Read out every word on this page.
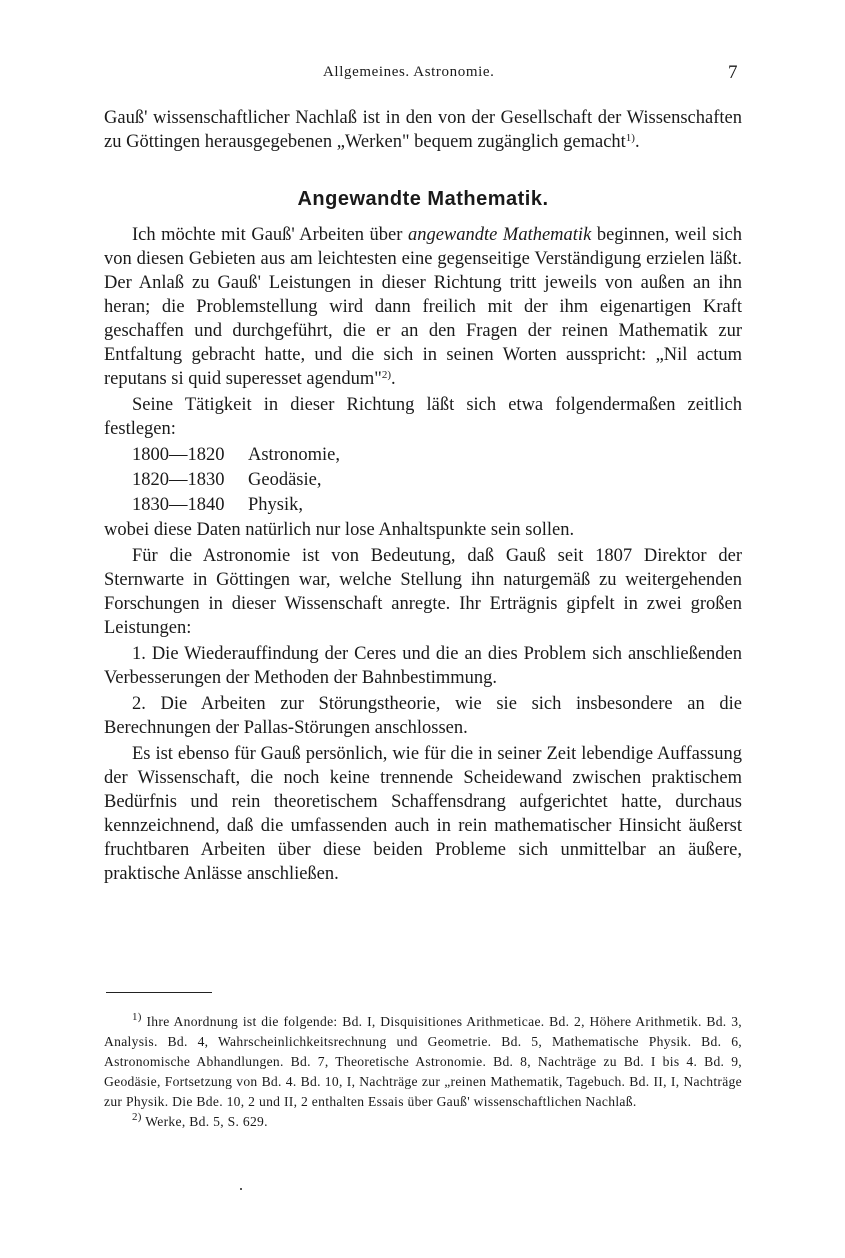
Allgemeines. Astronomie.	7

Gauß' wissenschaftlicher Nachlaß ist in den von der Gesellschaft der Wissenschaften zu Göttingen herausgegebenen „Werken" bequem zugänglich gemacht$^{1)}$.

Angewandte Mathematik.

Ich möchte mit Gauß' Arbeiten über angewandte Mathematik beginnen, weil sich von diesen Gebieten aus am leichtesten eine gegenseitige Verständigung erzielen läßt. Der Anlaß zu Gauß' Leistungen in dieser Richtung tritt jeweils von außen an ihn heran; die Problemstellung wird dann freilich mit der ihm eigenartigen Kraft geschaffen und durchgeführt, die er an den Fragen der reinen Mathematik zur Entfaltung gebracht hatte, und die sich in seinen Worten ausspricht: „Nil actum reputans si quid superesset agendum"$^{2)}$.

Seine Tätigkeit in dieser Richtung läßt sich etwa folgendermaßen zeitlich festlegen:

1800—1820 Astronomie,
1820—1830 Geodäsie,
1830—1840 Physik,

wobei diese Daten natürlich nur lose Anhaltspunkte sein sollen.

Für die Astronomie ist von Bedeutung, daß Gauß seit 1807 Direktor der Sternwarte in Göttingen war, welche Stellung ihn naturgemäß zu weitergehenden Forschungen in dieser Wissenschaft anregte. Ihr Erträgnis gipfelt in zwei großen Leistungen:

1. Die Wiederauffindung der Ceres und die an dies Problem sich anschließenden Verbesserungen der Methoden der Bahnbestimmung.

2. Die Arbeiten zur Störungstheorie, wie sie sich insbesondere an die Berechnungen der Pallas-Störungen anschlossen.

Es ist ebenso für Gauß persönlich, wie für die in seiner Zeit lebendige Auffassung der Wissenschaft, die noch keine trennende Scheidewand zwischen praktischem Bedürfnis und rein theoretischem Schaffensdrang aufgerichtet hatte, durchaus kennzeichnend, daß die umfassenden auch in rein mathematischer Hinsicht äußerst fruchtbaren Arbeiten über diese beiden Probleme sich unmittelbar an äußere, praktische Anlässe anschließen.

$^{1)}$ Ihre Anordnung ist die folgende: Bd. I, Disquisitiones Arithmeticae. Bd. 2, Höhere Arithmetik. Bd. 3, Analysis. Bd. 4, Wahrscheinlichkeitsrechnung und Geometrie. Bd. 5, Mathematische Physik. Bd. 6, Astronomische Abhandlungen. Bd. 7, Theoretische Astronomie. Bd. 8, Nachträge zu Bd. I bis 4. Bd. 9, Geodäsie, Fortsetzung von Bd. 4. Bd. 10, I, Nachträge zur „reinen Mathematik, Tagebuch. Bd. II, I, Nachträge zur Physik. Die Bde. 10, 2 und II, 2 enthalten Essais über Gauß' wissenschaftlichen Nachlaß.

$^{2)}$ Werke, Bd. 5, S. 629.
